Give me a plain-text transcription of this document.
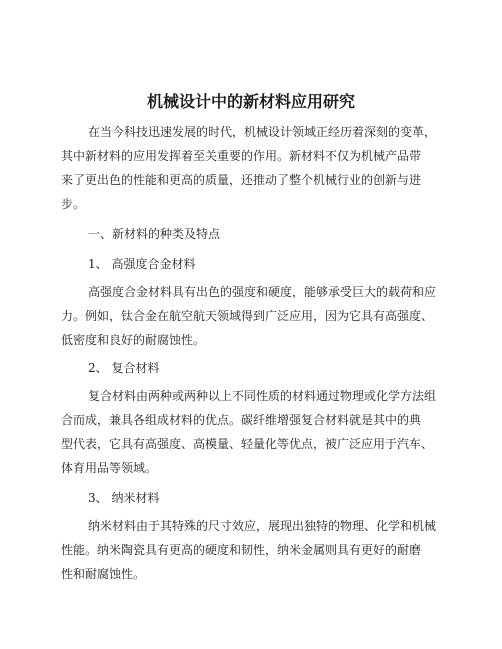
机械设计中的新材料应用研究
在当今科技迅速发展的时代，机械设计领域正经历着深刻的变革，
其中新材料的应用发挥着至关重要的作用。新材料不仅为机械产品带
来了更出色的性能和更高的质量，还推动了整个机械行业的创新与进
步。
一、新材料的种类及特点
1、 高强度合金材料
高强度合金材料具有出色的强度和硬度，能够承受巨大的载荷和应
力。例如，钛合金在航空航天领域得到广泛应用，因为它具有高强度、
低密度和良好的耐腐蚀性。
2、 复合材料
复合材料由两种或两种以上不同性质的材料通过物理或化学方法组
合而成，兼具各组成材料的优点。碳纤维增强复合材料就是其中的典
型代表，它具有高强度、高模量、轻量化等优点，被广泛应用于汽车、
体育用品等领域。
3、 纳米材料
纳米材料由于其特殊的尺寸效应，展现出独特的物理、化学和机械
性能。纳米陶瓷具有更高的硬度和韧性，纳米金属则具有更好的耐磨
性和耐腐蚀性。
